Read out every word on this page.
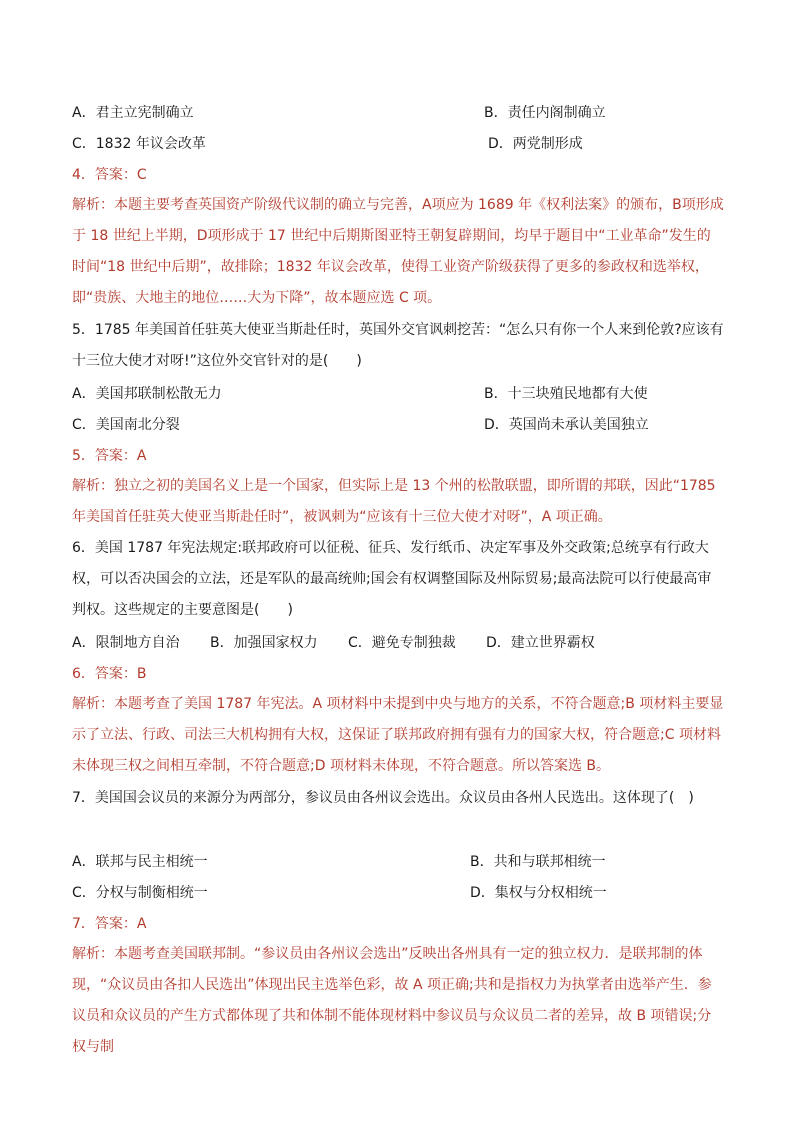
A．君主立宪制确立	B．责任内阁制确立
C．1832 年议会改革	D．两党制形成
4．答案：C
解析：本题主要考查英国资产阶级代议制的确立与完善，A项应为 1689 年《权利法案》的颁布，B项形成于 18 世纪上半期，D项形成于 17 世纪中后期斯图亚特王朝复辟期间，均早于题目中“工业革命”发生的时间“18 世纪中后期”，故排除；1832 年议会改革，使得工业资产阶级获得了更多的参政权和选举权，即“贵族、大地主的地位……大为下降”，故本题应选 C 项。
5．1785 年美国首任驻英大使亚当斯赴任时，英国外交官讽刺挖苦：“怎么只有你一个人来到伦敦?应该有十三位大使才对呀!”这位外交官针对的是(　　)
A．美国邦联制松散无力	B．十三块殖民地都有大使
C．美国南北分裂	D．英国尚未承认美国独立
5．答案：A
解析：独立之初的美国名义上是一个国家，但实际上是 13 个州的松散联盟，即所谓的邦联，因此“1785 年美国首任驻英大使亚当斯赴任时”，被讽刺为“应该有十三位大使才对呀”，A 项正确。
6．美国 1787 年宪法规定:联邦政府可以征税、征兵、发行纸币、决定军事及外交政策;总统享有行政大权，可以否决国会的立法，还是军队的最高统帅;国会有权调整国际及州际贸易;最高法院可以行使最高审判权。这些规定的主要意图是(　　)
A．限制地方自治 B．加强国家权力 C．避免专制独裁 D．建立世界霸权
6．答案：B
解析：本题考查了美国 1787 年宪法。A 项材料中未提到中央与地方的关系，不符合题意;B 项材料主要显示了立法、行政、司法三大机构拥有大权，这保证了联邦政府拥有强有力的国家大权，符合题意;C 项材料未体现三权之间相互牵制，不符合题意;D 项材料未体现，不符合题意。所以答案选 B。
7．美国国会议员的来源分为两部分，参议员由各州议会选出。众议员由各州人民选出。这体现了(　)
A．联邦与民主相统一	B．共和与联邦相统一
C．分权与制衡相统一	D．集权与分权相统一
7．答案：A
解析：本题考查美国联邦制。“参议员由各州议会选出”反映出各州具有一定的独立权力．是联邦制的体现，“众议员由各扣人民选出”体现出民主选举色彩，故 A 项正确;共和是指权力为执掌者由选举产生．参议员和众议员的产生方式都体现了共和体制不能体现材料中参议员与众议员二者的差异，故 B 项错误;分权与制
